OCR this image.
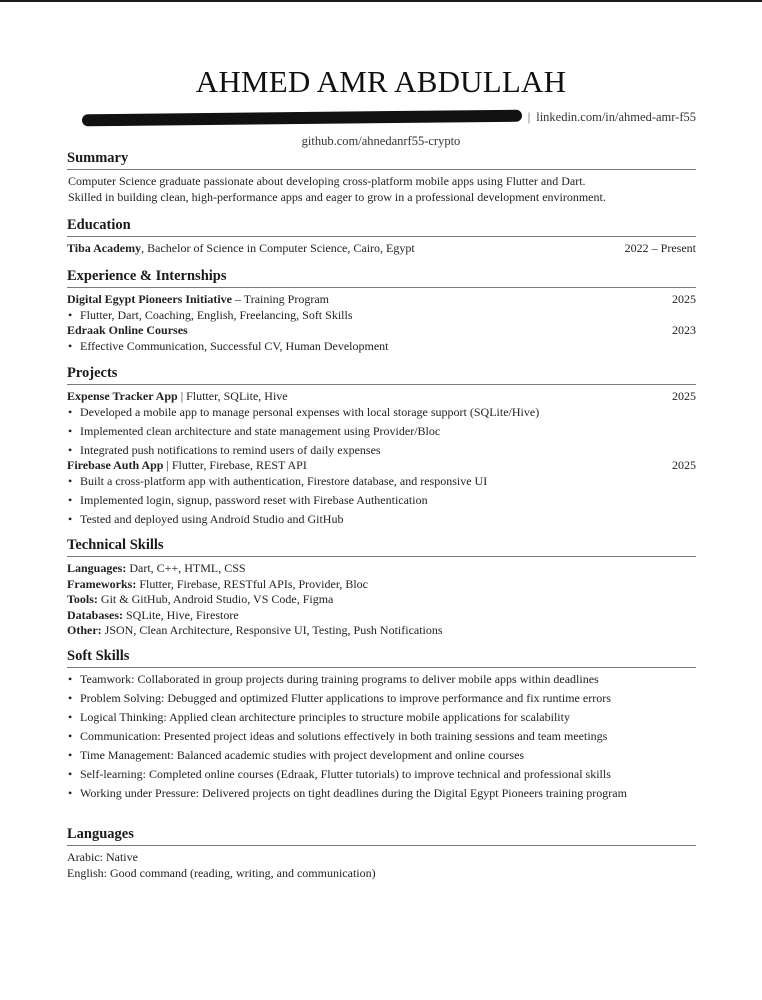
AHMED AMR ABDULLAH
| linkedin.com/in/ahmed-amr-f55
github.com/ahnedanrf55-crypto
Summary
Computer Science graduate passionate about developing cross-platform mobile apps using Flutter and Dart.
Skilled in building clean, high-performance apps and eager to grow in a professional development environment.
Education
Tiba Academy, Bachelor of Science in Computer Science, Cairo, Egypt	2022 – Present
Experience & Internships
Digital Egypt Pioneers Initiative – Training Program	2025
• Flutter, Dart, Coaching, English, Freelancing, Soft Skills
Edraak Online Courses	2023
• Effective Communication, Successful CV, Human Development
Projects
Expense Tracker App | Flutter, SQLite, Hive	2025
• Developed a mobile app to manage personal expenses with local storage support (SQLite/Hive)
• Implemented clean architecture and state management using Provider/Bloc
• Integrated push notifications to remind users of daily expenses
Firebase Auth App | Flutter, Firebase, REST API	2025
• Built a cross-platform app with authentication, Firestore database, and responsive UI
• Implemented login, signup, password reset with Firebase Authentication
• Tested and deployed using Android Studio and GitHub
Technical Skills
Languages: Dart, C++, HTML, CSS
Frameworks: Flutter, Firebase, RESTful APIs, Provider, Bloc
Tools: Git & GitHub, Android Studio, VS Code, Figma
Databases: SQLite, Hive, Firestore
Other: JSON, Clean Architecture, Responsive UI, Testing, Push Notifications
Soft Skills
• Teamwork: Collaborated in group projects during training programs to deliver mobile apps within deadlines
• Problem Solving: Debugged and optimized Flutter applications to improve performance and fix runtime errors
• Logical Thinking: Applied clean architecture principles to structure mobile applications for scalability
• Communication: Presented project ideas and solutions effectively in both training sessions and team meetings
• Time Management: Balanced academic studies with project development and online courses
• Self-learning: Completed online courses (Edraak, Flutter tutorials) to improve technical and professional skills
• Working under Pressure: Delivered projects on tight deadlines during the Digital Egypt Pioneers training program
Languages
Arabic: Native
English: Good command (reading, writing, and communication)
